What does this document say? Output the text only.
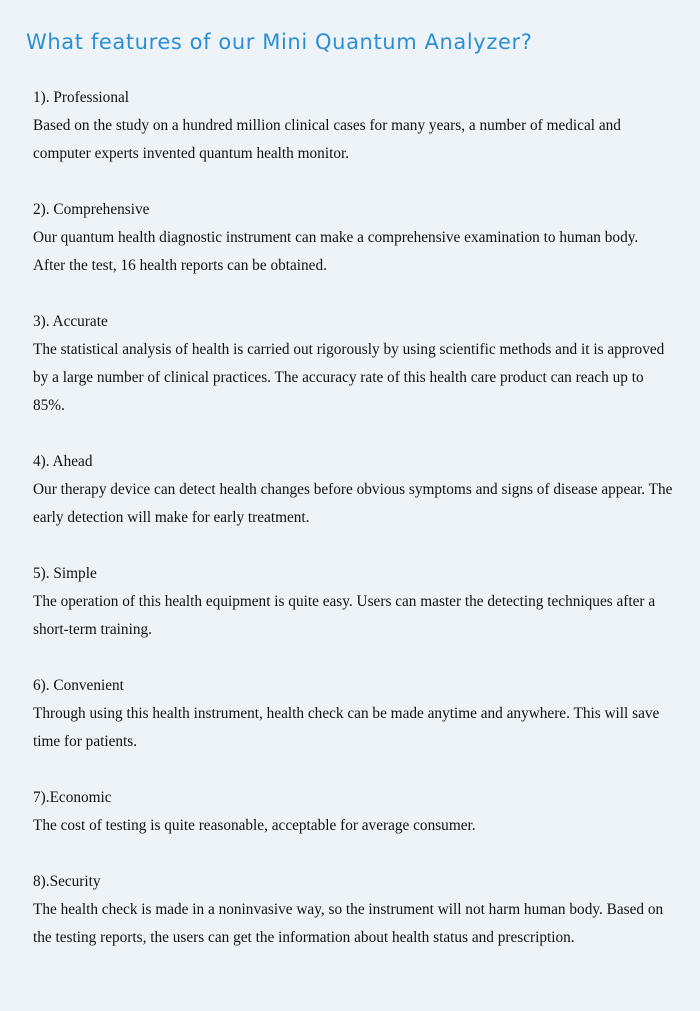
What features of our Mini Quantum Analyzer?
1). Professional
Based on the study on a hundred million clinical cases for many years, a number of medical and computer experts invented quantum health monitor.
2). Comprehensive
Our quantum health diagnostic instrument can make a comprehensive examination to human body. After the test, 16 health reports can be obtained.
3). Accurate
The statistical analysis of health is carried out rigorously by using scientific methods and it is approved by a large number of clinical practices. The accuracy rate of this health care product can reach up to 85%.
4). Ahead
Our therapy device can detect health changes before obvious symptoms and signs of disease appear. The early detection will make for early treatment.
5). Simple
The operation of this health equipment is quite easy. Users can master the detecting techniques after a short-term training.
6). Convenient
Through using this health instrument, health check can be made anytime and anywhere. This will save time for patients.
7).Economic
The cost of testing is quite reasonable, acceptable for average consumer.
8).Security
The health check is made in a noninvasive way, so the instrument will not harm human body. Based on the testing reports, the users can get the information about health status and prescription.
